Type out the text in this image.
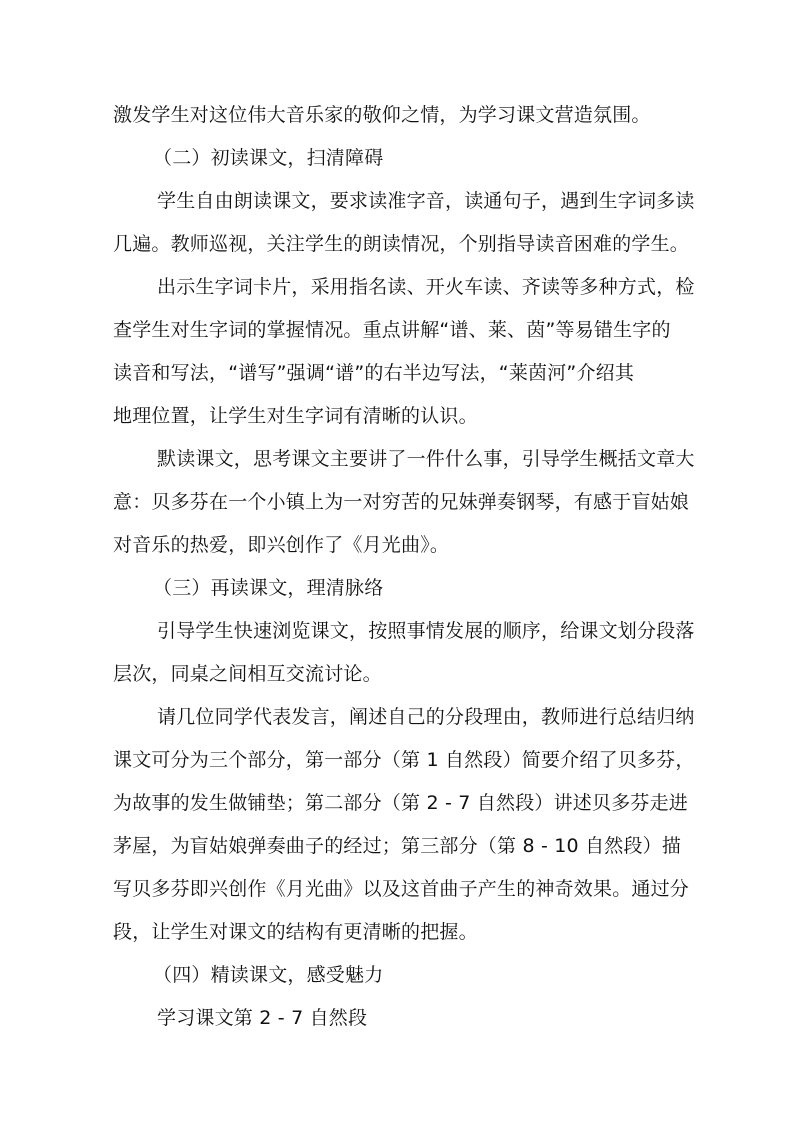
激发学生对这位伟大音乐家的敬仰之情，为学习课文营造氛围。
（二）初读课文，扫清障碍
学生自由朗读课文，要求读准字音，读通句子，遇到生字词多读
几遍。教师巡视，关注学生的朗读情况，个别指导读音困难的学生。
出示生字词卡片，采用指名读、开火车读、齐读等多种方式，检
查学生对生字词的掌握情况。重点讲解“谱、莱、茵”等易错生字的
读音和写法，“谱写”强调“谱”的右半边写法，“莱茵河”介绍其
地理位置，让学生对生字词有清晰的认识。
默读课文，思考课文主要讲了一件什么事，引导学生概括文章大
意：贝多芬在一个小镇上为一对穷苦的兄妹弹奏钢琴，有感于盲姑娘
对音乐的热爱，即兴创作了《月光曲》。
（三）再读课文，理清脉络
引导学生快速浏览课文，按照事情发展的顺序，给课文划分段落
层次，同桌之间相互交流讨论。
请几位同学代表发言，阐述自己的分段理由，教师进行总结归纳
课文可分为三个部分，第一部分（第 1 自然段）简要介绍了贝多芬，
为故事的发生做铺垫；第二部分（第 2 - 7 自然段）讲述贝多芬走进
茅屋，为盲姑娘弹奏曲子的经过；第三部分（第 8 - 10 自然段）描
写贝多芬即兴创作《月光曲》以及这首曲子产生的神奇效果。通过分
段，让学生对课文的结构有更清晰的把握。
（四）精读课文，感受魅力
学习课文第 2 - 7 自然段
